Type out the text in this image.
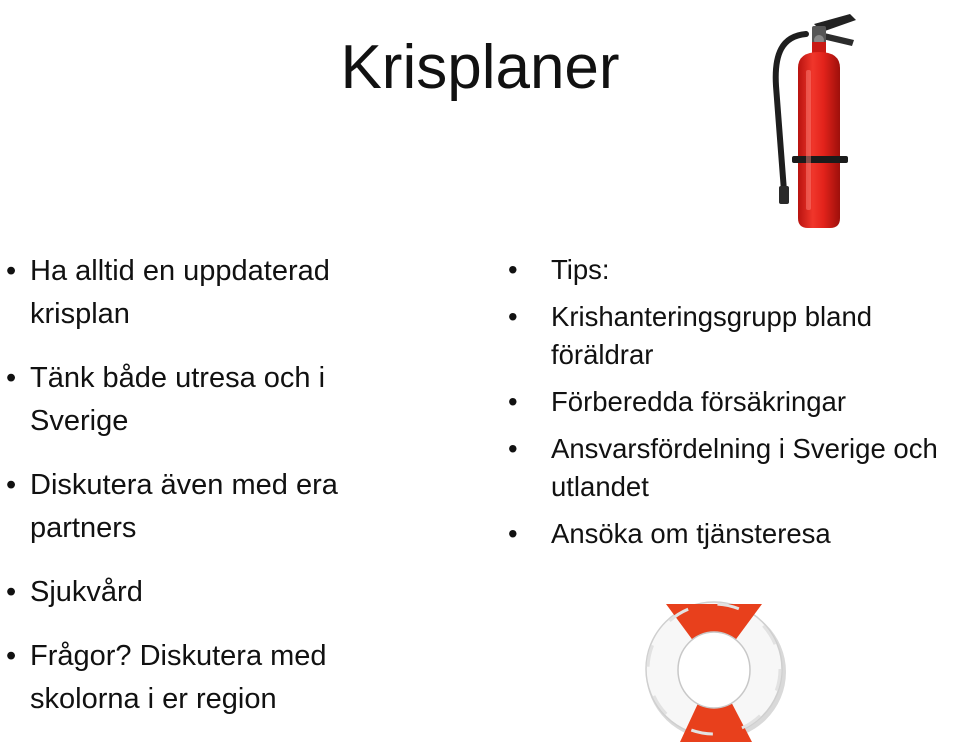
Krisplaner
• Ha alltid en uppdaterad krisplan
• Tänk både utresa och i Sverige
• Diskutera även med era partners
• Sjukvård
• Frågor? Diskutera med skolorna i er region
• Tips:
• Krishanteringsgrupp bland föräldrar
• Förberedda försäkringar
• Ansvarsfördelning i Sverige och utlandet
• Ansöka om tjänsteresa
